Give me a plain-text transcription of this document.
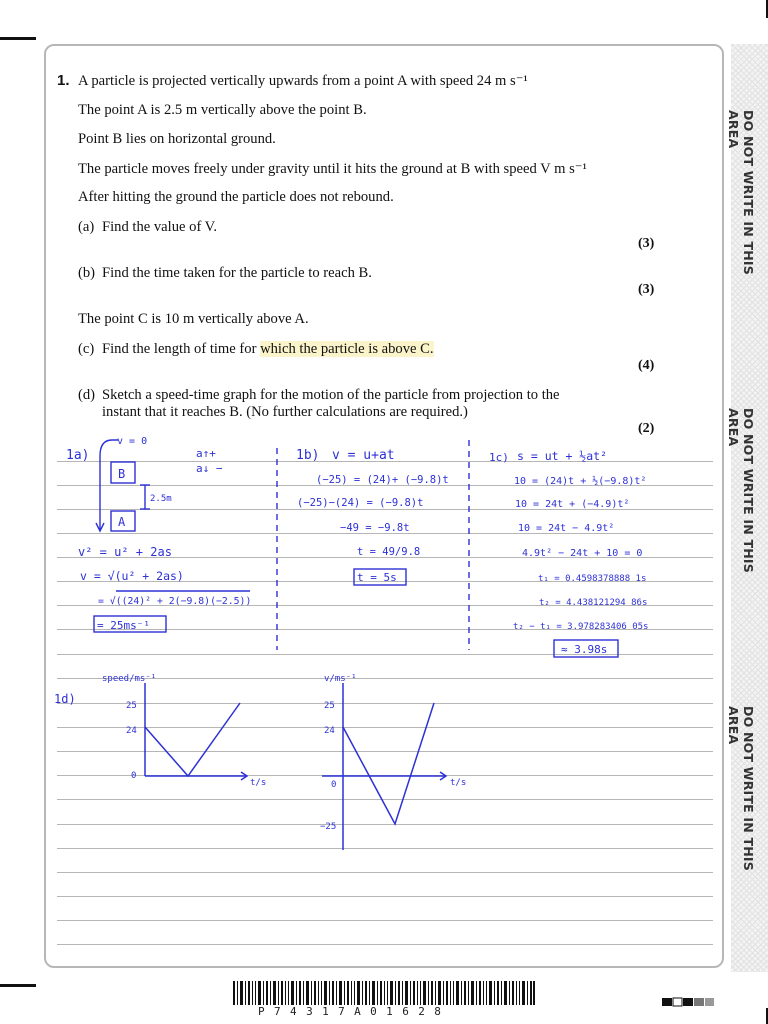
DO NOT WRITE IN THIS AREA
DO NOT WRITE IN THIS AREA
DO NOT WRITE IN THIS AREA
1. A particle is projected vertically upwards from a point A with speed 24 m s⁻¹
The point A is 2.5 m vertically above the point B.
Point B lies on horizontal ground.
The particle moves freely under gravity until it hits the ground at B with speed V m s⁻¹
After hitting the ground the particle does not rebound.
(a) Find the value of V.
(3)
(b) Find the time taken for the particle to reach B.
(3)
The point C is 10 m vertically above A.
(c) Find the length of time for which the particle is above C.
(4)
(d) Sketch a speed-time graph for the motion of the particle from projection to the
instant that it reaches B. (No further calculations are required.)
(2)
1a)
v = 0
a↑+
a↓ −
B
A
2.5m
v² = u² + 2as
v = √(u² + 2as)
= √((24)² + 2(−9.8)(−2.5))
= 25ms⁻¹
1b) v = u+at
(−25) = (24)+ (−9.8)t
(−25)−(24) = (−9.8)t
−49 = −9.8t
t = 49/9.8
t = 5s
1c) s = ut + ½at²
10 = (24)t + ½(−9.8)t²
10 = 24t + (−4.9)t²
10 = 24t − 4.9t²
4.9t² − 24t + 10 = 0
t₁ = 0.4598378888 1s
t₂ = 4.438121294 86s
t₂ − t₁ = 3.978283406 05s
≈ 3.98s
1d)
speed/ms⁻¹
25
24
0
t/s
v/ms⁻¹
25
24
0
−25
t/s
P74317A01628
